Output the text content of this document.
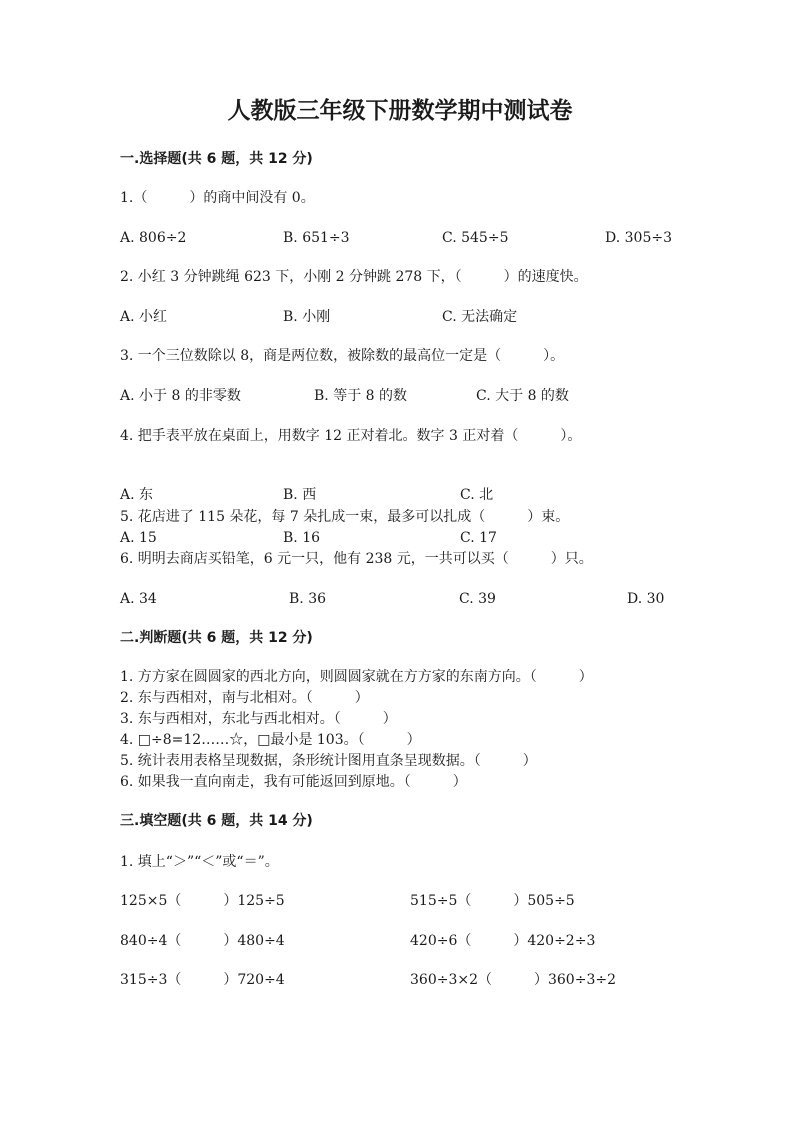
人教版三年级下册数学期中测试卷
一.选择题(共 6 题，共 12 分)
1.（　　　）的商中间没有 0。
A. 806÷2	B. 651÷3	C. 545÷5	D. 305÷3
2. 小红 3 分钟跳绳 623 下，小刚 2 分钟跳 278 下，（　　　）的速度快。
A. 小红	B. 小刚	C. 无法确定
3. 一个三位数除以 8，商是两位数，被除数的最高位一定是（　　　）。
A. 小于 8 的非零数	B. 等于 8 的数	C. 大于 8 的数
4. 把手表平放在桌面上，用数字 12 正对着北。数字 3 正对着（　　　）。
A. 东	B. 西	C. 北
5. 花店进了 115 朵花，每 7 朵扎成一束，最多可以扎成（　　　）束。
A. 15	B. 16	C. 17
6. 明明去商店买铅笔，6 元一只，他有 238 元，一共可以买（　　　）只。
A. 34	B. 36	C. 39	D. 30
二.判断题(共 6 题，共 12 分)
1. 方方家在圆圆家的西北方向，则圆圆家就在方方家的东南方向。（　　　）
2. 东与西相对，南与北相对。（　　　）
3. 东与西相对，东北与西北相对。（　　　）
4. □÷8=12……☆，□最小是 103。（　　　）
5. 统计表用表格呈现数据，条形统计图用直条呈现数据。（　　　）
6. 如果我一直向南走，我有可能返回到原地。（　　　）
三.填空题(共 6 题，共 14 分)
1. 填上“＞”“＜”或“＝”。
125×5（　　　）125÷5	515÷5（　　　）505÷5
840÷4（　　　）480÷4	420÷6（　　　）420÷2÷3
315÷3（　　　）720÷4	360÷3×2（　　　）360÷3÷2
